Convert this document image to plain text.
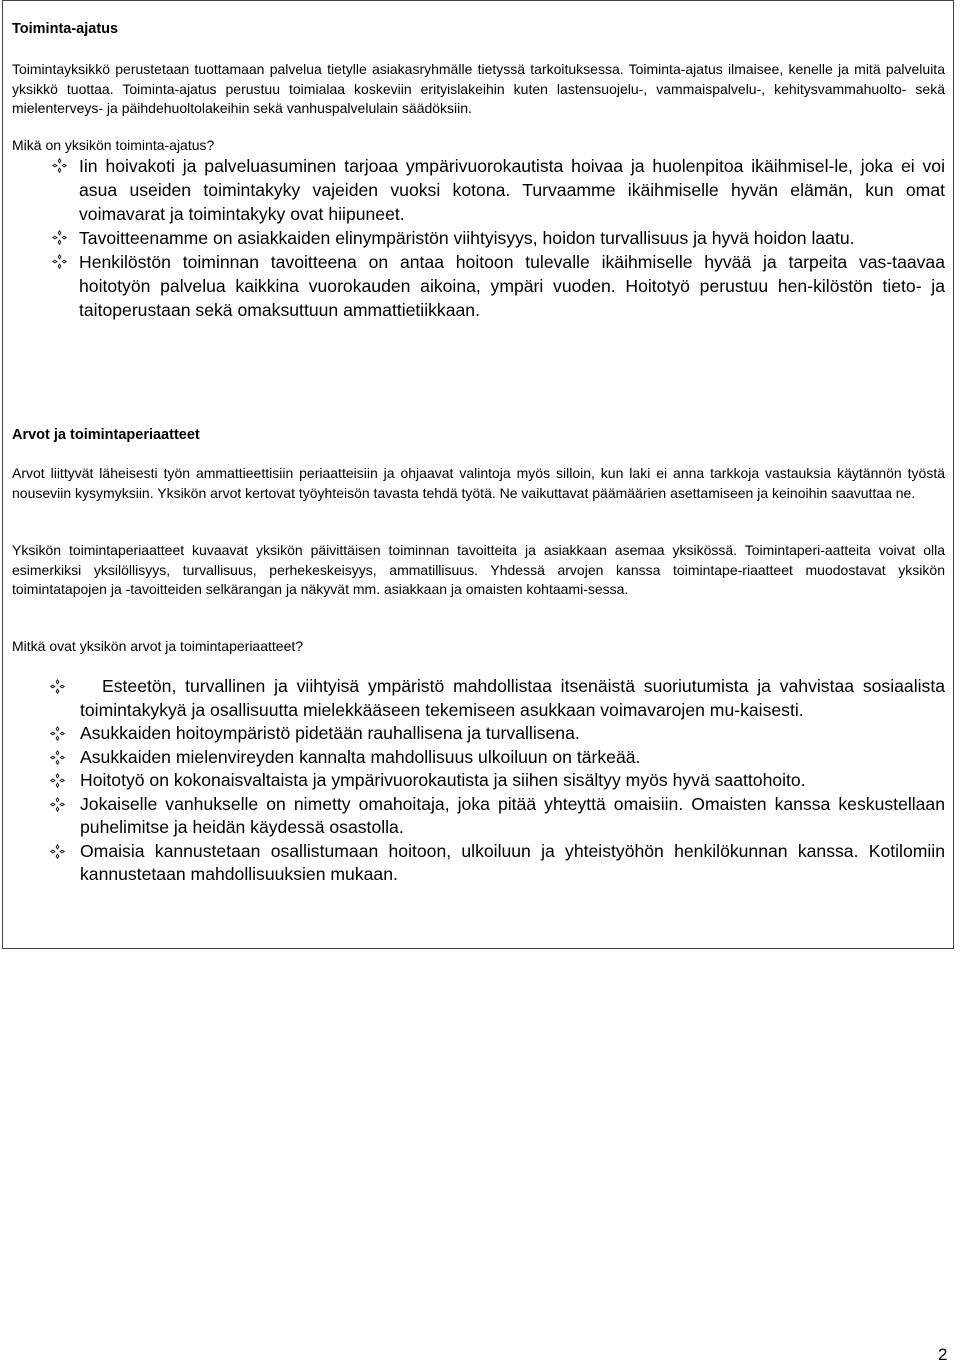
Toiminta-ajatus

Toimintayksikkö perustetaan tuottamaan palvelua tietylle asiakasryhmälle tietyssä tarkoituksessa. Toiminta-ajatus ilmaisee, kenelle ja mitä palveluita yksikkö tuottaa. Toiminta-ajatus perustuu toimialaa koskeviin erityislakeihin kuten lastensuojelu-, vammaispalvelu-, kehitysvammahuolto- sekä mielenterveys- ja päihdehuoltolakeihin sekä vanhuspalvelulain säädöksiin.

Mikä on yksikön toiminta-ajatus?

Iin hoivakoti ja palveluasuminen tarjoaa ympärivuorokautista hoivaa ja huolenpitoa ikäihmisel-le, joka ei voi asua useiden toimintakyky vajeiden vuoksi kotona. Turvaamme ikäihmiselle hyvän elämän, kun omat voimavarat ja toimintakyky ovat hiipuneet.
Tavoitteenamme on asiakkaiden elinympäristön viihtyisyys, hoidon turvallisuus ja hyvä hoidon laatu.
Henkilöstön toiminnan tavoitteena on antaa hoitoon tulevalle ikäihmiselle hyvää ja tarpeita vas-taavaa hoitotyön palvelua kaikkina vuorokauden aikoina, ympäri vuoden. Hoitotyö perustuu hen-kilöstön tieto- ja taitoperustaan sekä omaksuttuun ammattietiikkaan.
Arvot ja toimintaperiaatteet

Arvot liittyvät läheisesti työn ammattieettisiin periaatteisiin ja ohjaavat valintoja myös silloin, kun laki ei anna tarkkoja vastauksia käytännön työstä nouseviin kysymyksiin. Yksikön arvot kertovat työyhteisön tavasta tehdä työtä. Ne vaikuttavat päämäärien asettamiseen ja keinoihin saavuttaa ne.

Yksikön toimintaperiaatteet kuvaavat yksikön päivittäisen toiminnan tavoitteita ja asiakkaan asemaa yksikössä. Toimintaperi-aatteita voivat olla esimerkiksi yksilöllisyys, turvallisuus, perhekeskeisyys, ammatillisuus. Yhdessä arvojen kanssa toimintape-riaatteet muodostavat yksikön toimintatapojen ja -tavoitteiden selkärangan ja näkyvät mm. asiakkaan ja omaisten kohtaami-sessa.

Mitkä ovat yksikön arvot ja toimintaperiaatteet?

Esteetön, turvallinen ja viihtyisä ympäristö mahdollistaa itsenäistä suoriutumista ja vahvistaa sosiaalista toimintakykyä ja osallisuutta mielekkääseen tekemiseen asukkaan voimavarojen mu-kaisesti.
Asukkaiden hoitoympäristö pidetään rauhallisena ja turvallisena.
Asukkaiden mielenvireyden kannalta mahdollisuus ulkoiluun on tärkeää.
Hoitotyö on kokonaisvaltaista ja ympärivuorokautista ja siihen sisältyy myös hyvä saattohoito.
Jokaiselle vanhukselle on nimetty omahoitaja, joka pitää yhteyttä omaisiin. Omaisten kanssa keskustellaan puhelimitse ja heidän käydessä osastolla.
Omaisia kannustetaan osallistumaan hoitoon, ulkoiluun ja yhteistyöhön henkilökunnan kanssa. Kotilomiin kannustetaan mahdollisuuksien mukaan.
2
